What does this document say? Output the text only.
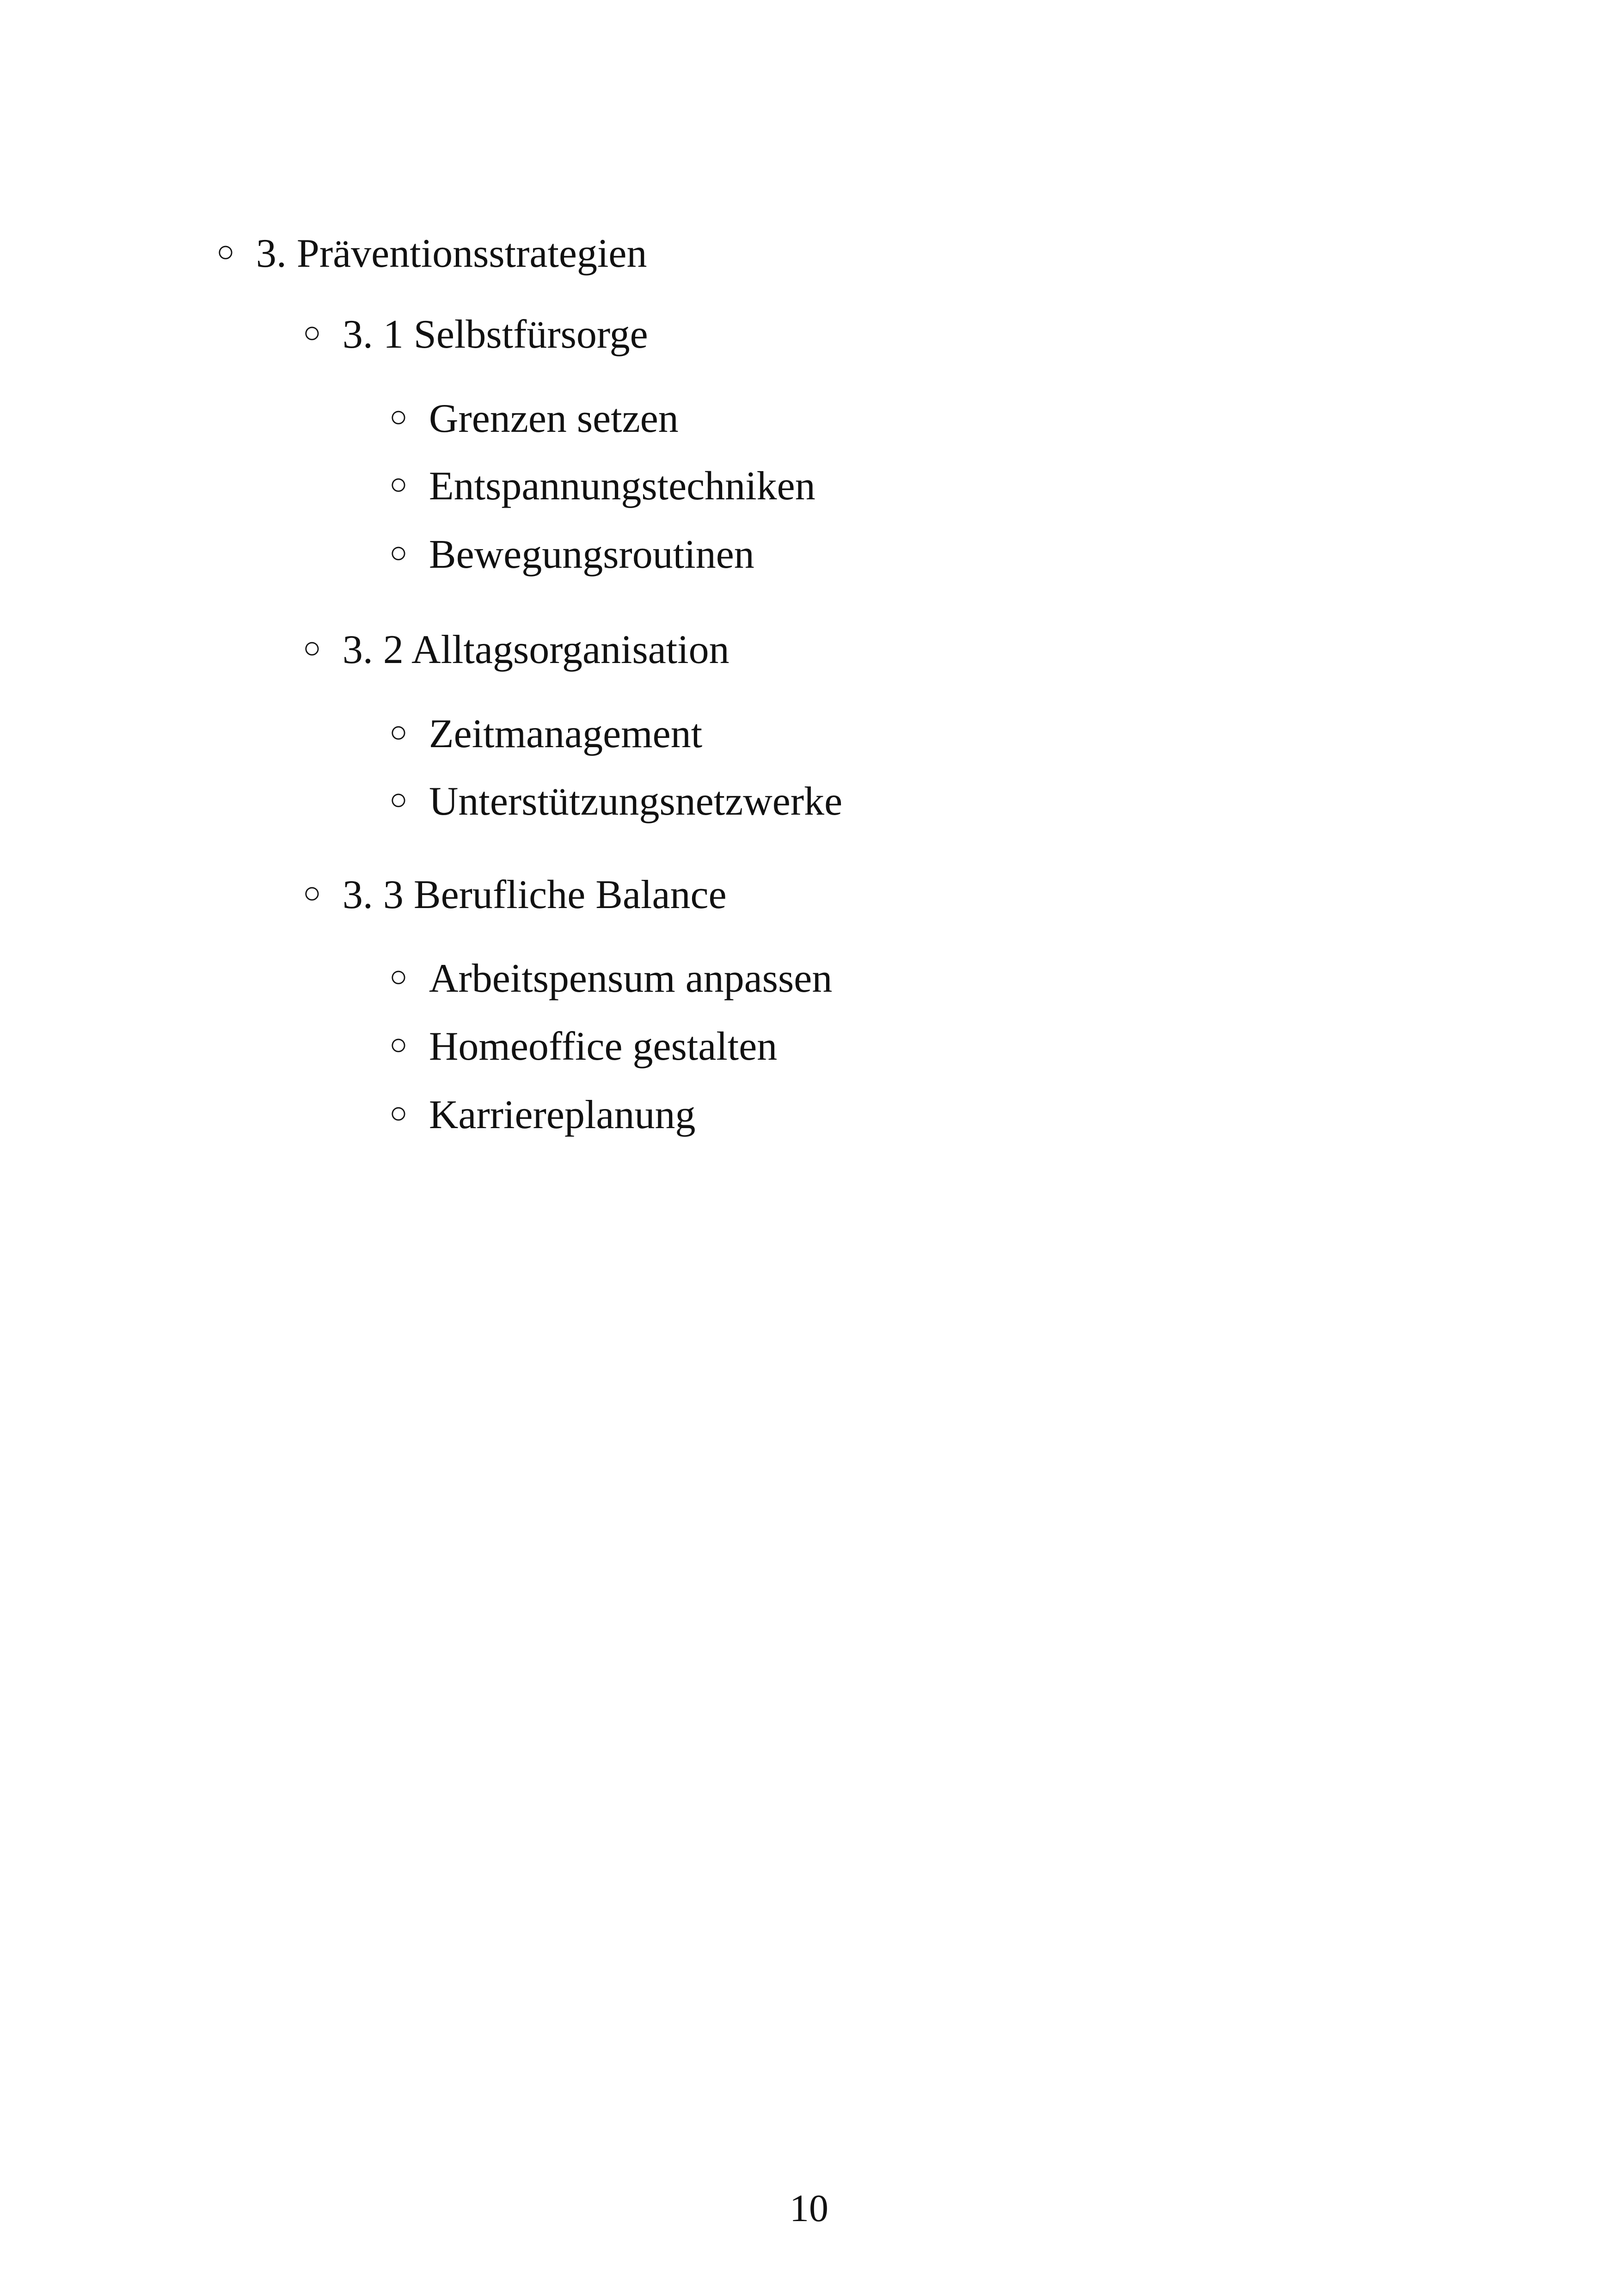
○ 3. Präventionsstrategien
○ 3. 1 Selbstfürsorge
○ Grenzen setzen
○ Entspannungstechniken
○ Bewegungsroutinen
○ 3. 2 Alltagsorganisation
○ Zeitmanagement
○ Unterstützungsnetzwerke
○ 3. 3 Berufliche Balance
○ Arbeitspensum anpassen
○ Homeoffice gestalten
○ Karriereplanung
10
